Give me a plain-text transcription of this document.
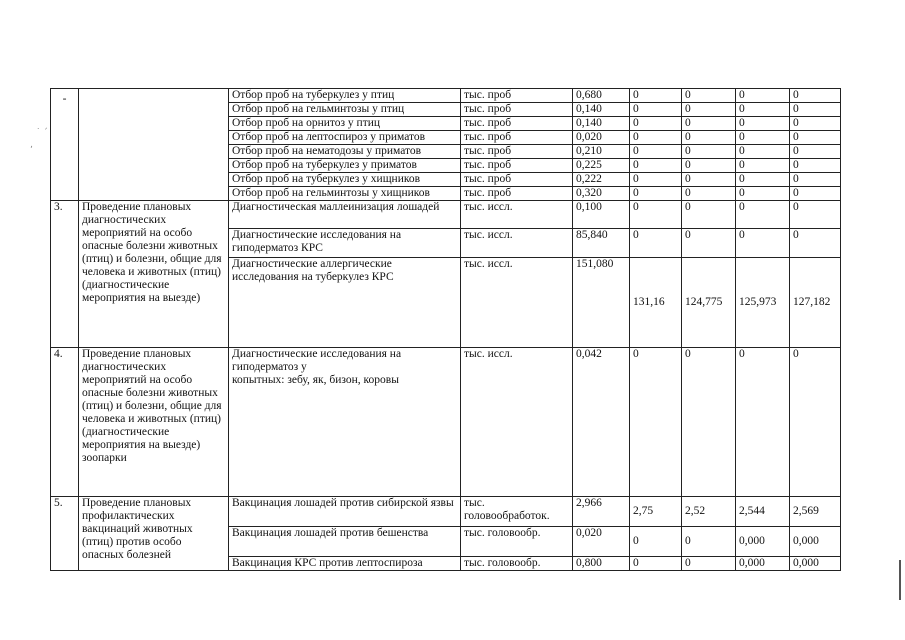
˙ ´
‚
-		Отбор проб на туберкулез у птиц	тыс. проб	0,680	0	0	0	0
		Отбор проб на гельминтозы у птиц	тыс. проб	0,140	0	0	0	0
		Отбор проб на орнитоз у птиц	тыс. проб	0,140	0	0	0	0
		Отбор проб на лептоспироз у приматов	тыс. проб	0,020	0	0	0	0
		Отбор проб на нематодозы у приматов	тыс. проб	0,210	0	0	0	0
		Отбор проб на туберкулез у приматов	тыс. проб	0,225	0	0	0	0
		Отбор проб на туберкулез у хищников	тыс. проб	0,222	0	0	0	0
		Отбор проб на гельминтозы у хищников	тыс. проб	0,320	0	0	0	0
3.	Проведение плановых диагностических мероприятий на особо опасные болезни животных (птиц) и болезни, общие для человека и животных (птиц) (диагностические мероприятия на выезде)	Диагностическая маллеинизация лошадей	тыс. иссл.	0,100	0	0	0	0
		Диагностические исследования на гиподерматоз КРС	тыс. иссл.	85,840	0	0	0	0
		Диагностические аллергические исследования на туберкулез КРС	тыс. иссл.	151,080	131,16	124,775	125,973	127,182
4.	Проведение плановых диагностических мероприятий на особо опасные болезни животных (птиц) и болезни, общие для человека и животных (птиц) (диагностические мероприятия на выезде) зоопарки	Диагностические исследования на
гиподерматоз у
копытных: зебу, як, бизон, коровы	тыс. иссл.	0,042	0	0	0	0
5.	Проведение плановых профилактических вакцинаций животных (птиц) против особо опасных болезней	Вакцинация лошадей против сибирской язвы	тыс. головообработок.	2,966	2,75	2,52	2,544	2,569
		Вакцинация лошадей против бешенства	тыс. головообр.	0,020	0	0	0,000	0,000
		Вакцинация КРС против лептоспироза	тыс. головообр.	0,800	0	0	0,000	0,000
